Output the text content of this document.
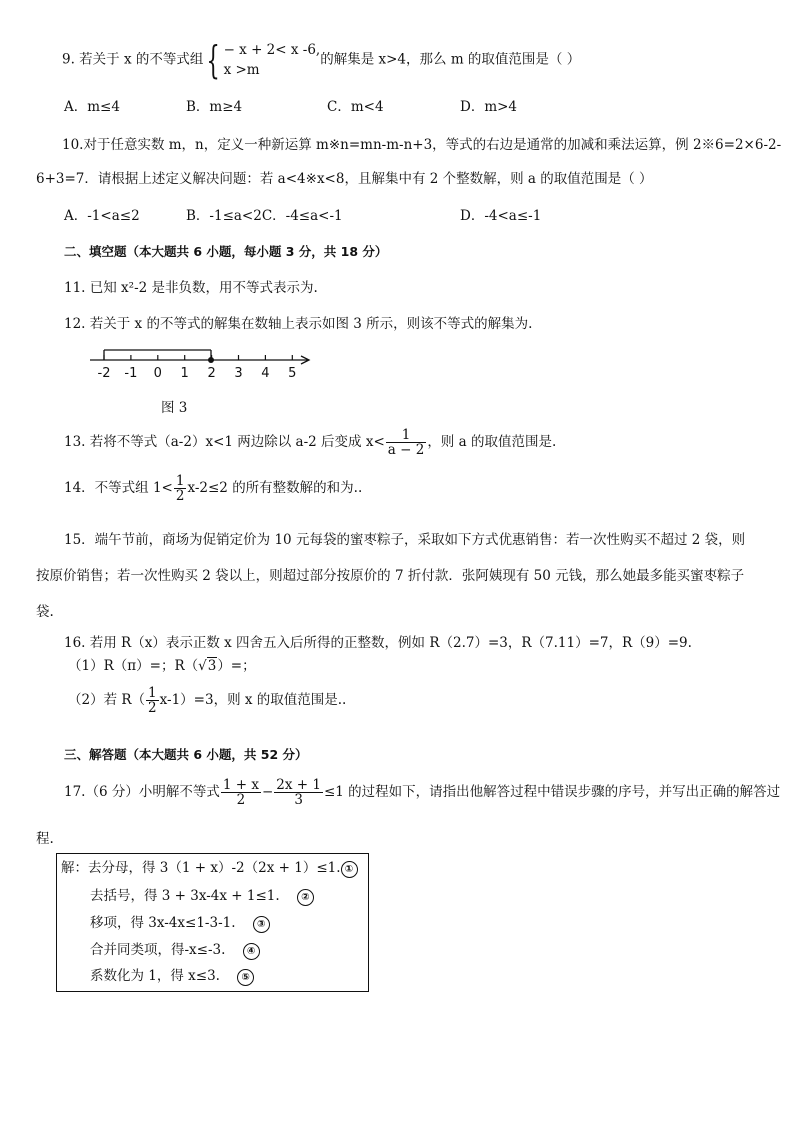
9. 若关于 x 的不等式组{ − x + 2< x -6,
x >m
的解集是 x>4，那么 m 的取值范围是（ ）
A．m≤4	B．m≥4	C．m<4	D．m>4
10.对于任意实数 m，n，定义一种新运算 m※n=mn-m-n+3，等式的右边是通常的加减和乘法运算，例 2※6=2×6-2-
6+3=7．请根据上述定义解决问题：若 a<4※x<8，且解集中有 2 个整数解，则 a 的取值范围是（ ）
A．-1<a≤2	B．-1≤a<2C．-4≤a<-1	D．-4<a≤-1
二、填空题（本大题共 6 小题，每小题 3 分，共 18 分）
11. 已知 x²-2 是非负数，用不等式表示为.
12. 若关于 x 的不等式的解集在数轴上表示如图 3 所示，则该不等式的解集为.
-2 -1 0 1 2 3 4 5
图 3
13. 若将不等式（a-2）x<1 两边除以 a-2 后变成 $x< \frac{1}{a - 2}$ ，则 a 的取值范围是.
14．不等式组 $1< \frac{1}{2} x-2\le 2$ 的所有整数解的和为..
15．端午节前，商场为促销定价为 10 元每袋的蜜枣粽子，采取如下方式优惠销售：若一次性购买不超过 2 袋，则
按原价销售；若一次性购买 2 袋以上，则超过部分按原价的 7 折付款．张阿姨现有 50 元钱，那么她最多能买蜜枣粽子
袋.
16. 若用 R（x）表示正数 x 四舍五入后所得的正整数，例如 R（2.7）=3，R（7.11）=7，R（9）=9.
（1）R（π）=；R（√3）=；
（2）若 $R( \frac{1}{2} x-1)=3$，则 x 的取值范围是..
三、解答题（本大题共 6 小题，共 52 分）
17.（6 分）小明解不等式 $\frac{1 + x}{2} - \frac{2x + 1}{3} \le 1$ 的过程如下，请指出他解答过程中错误步骤的序号，并写出正确的解答过
程.
解：去分母，得 3（1 + x）-2（2x + 1）≤1. ①
去括号，得 3 + 3x-4x + 1≤1. ②
移项，得 3x-4x≤1-3-1. ③
合并同类项，得-x≤-3. ④
系数化为 1，得 x≤3. ⑤
